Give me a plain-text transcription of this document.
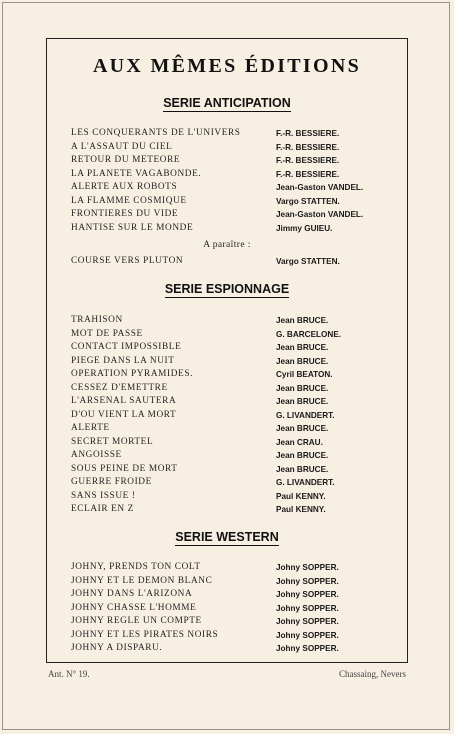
AUX MÊMES ÉDITIONS
SERIE ANTICIPATION
LES CONQUERANTS DE L'UNIVERS	F.-R. BESSIERE.
A L'ASSAUT DU CIEL	F.-R. BESSIERE.
RETOUR DU METEORE	F.-R. BESSIERE.
LA PLANETE VAGABONDE.	F.-R. BESSIERE.
ALERTE AUX ROBOTS	Jean-Gaston VANDEL.
LA FLAMME COSMIQUE	Vargo STATTEN.
FRONTIERES DU VIDE	Jean-Gaston VANDEL.
HANTISE SUR LE MONDE	Jimmy GUIEU.
A paraître :
COURSE VERS PLUTON	Vargo STATTEN.
SERIE ESPIONNAGE
TRAHISON	Jean BRUCE.
MOT DE PASSE	G. BARCELONE.
CONTACT IMPOSSIBLE	Jean BRUCE.
PIEGE DANS LA NUIT	Jean BRUCE.
OPERATION PYRAMIDES.	Cyril BEATON.
CESSEZ D'EMETTRE	Jean BRUCE.
L'ARSENAL SAUTERA	Jean BRUCE.
D'OU VIENT LA MORT	G. LIVANDERT.
ALERTE	Jean BRUCE.
SECRET MORTEL	Jean CRAU.
ANGOISSE	Jean BRUCE.
SOUS PEINE DE MORT	Jean BRUCE.
GUERRE FROIDE	G. LIVANDERT.
SANS ISSUE !	Paul KENNY.
ECLAIR EN Z	Paul KENNY.
SERIE WESTERN
JOHNY, PRENDS TON COLT	Johny SOPPER.
JOHNY ET LE DEMON BLANC	Johny SOPPER.
JOHNY DANS L'ARIZONA	Johny SOPPER.
JOHNY CHASSE L'HOMME	Johny SOPPER.
JOHNY REGLE UN COMPTE	Johny SOPPER.
JOHNY ET LES PIRATES NOIRS	Johny SOPPER.
JOHNY A DISPARU.	Johny SOPPER.
Ant. N° 19.	Chassaing, Nevers
